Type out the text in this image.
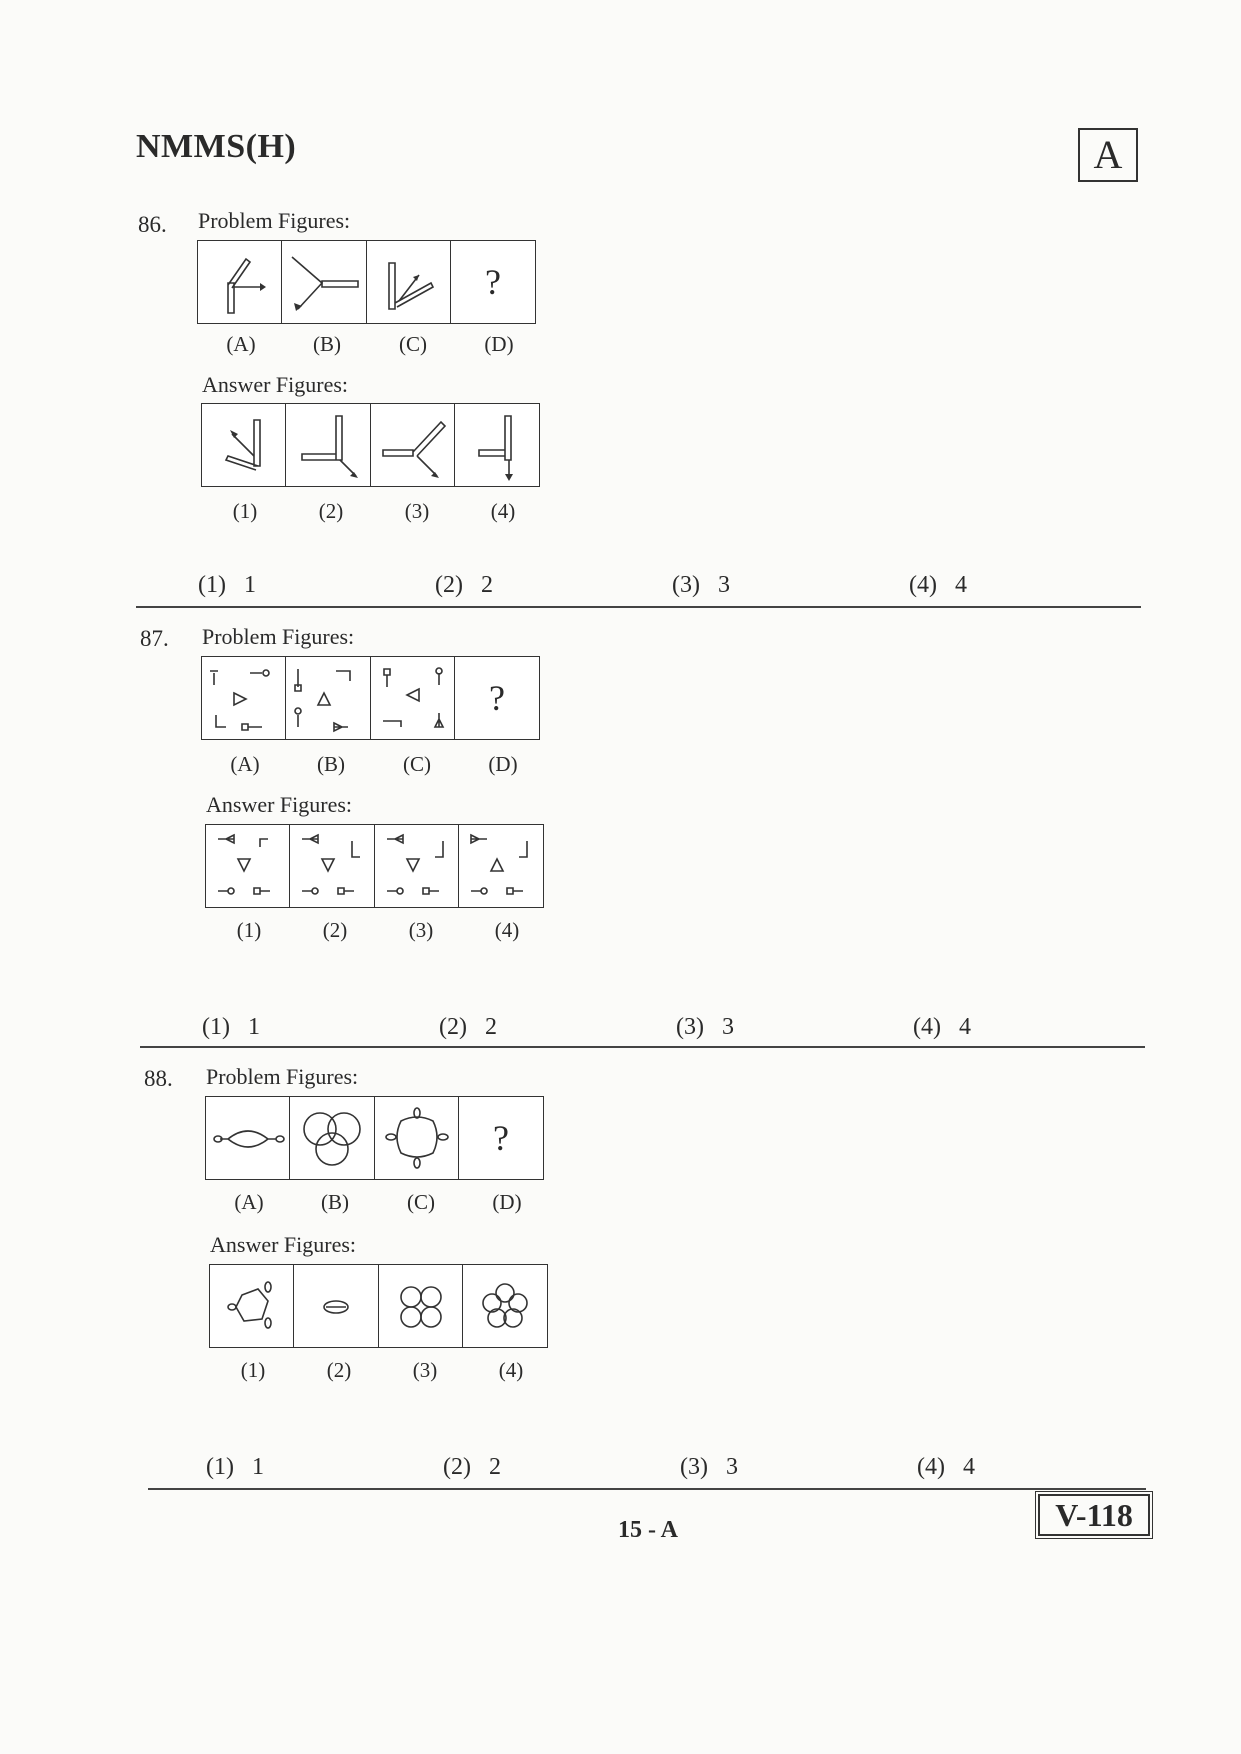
NMMS(H)	A
86. Problem Figures:
?
(A)	(B)	(C)	(D)
Answer Figures:
(1)	(2)	(3)	(4)
(1)   1	(2)   2	(3)   3	(4)   4
87. Problem Figures:
?
(A)	(B)	(C)	(D)
Answer Figures:
(1)	(2)	(3)	(4)
(1)   1	(2)   2	(3)   3	(4)   4
88. Problem Figures:
?
(A)	(B)	(C)	(D)
Answer Figures:
(1)	(2)	(3)	(4)
(1)   1	(2)   2	(3)   3	(4)   4
15 - A	V-118
